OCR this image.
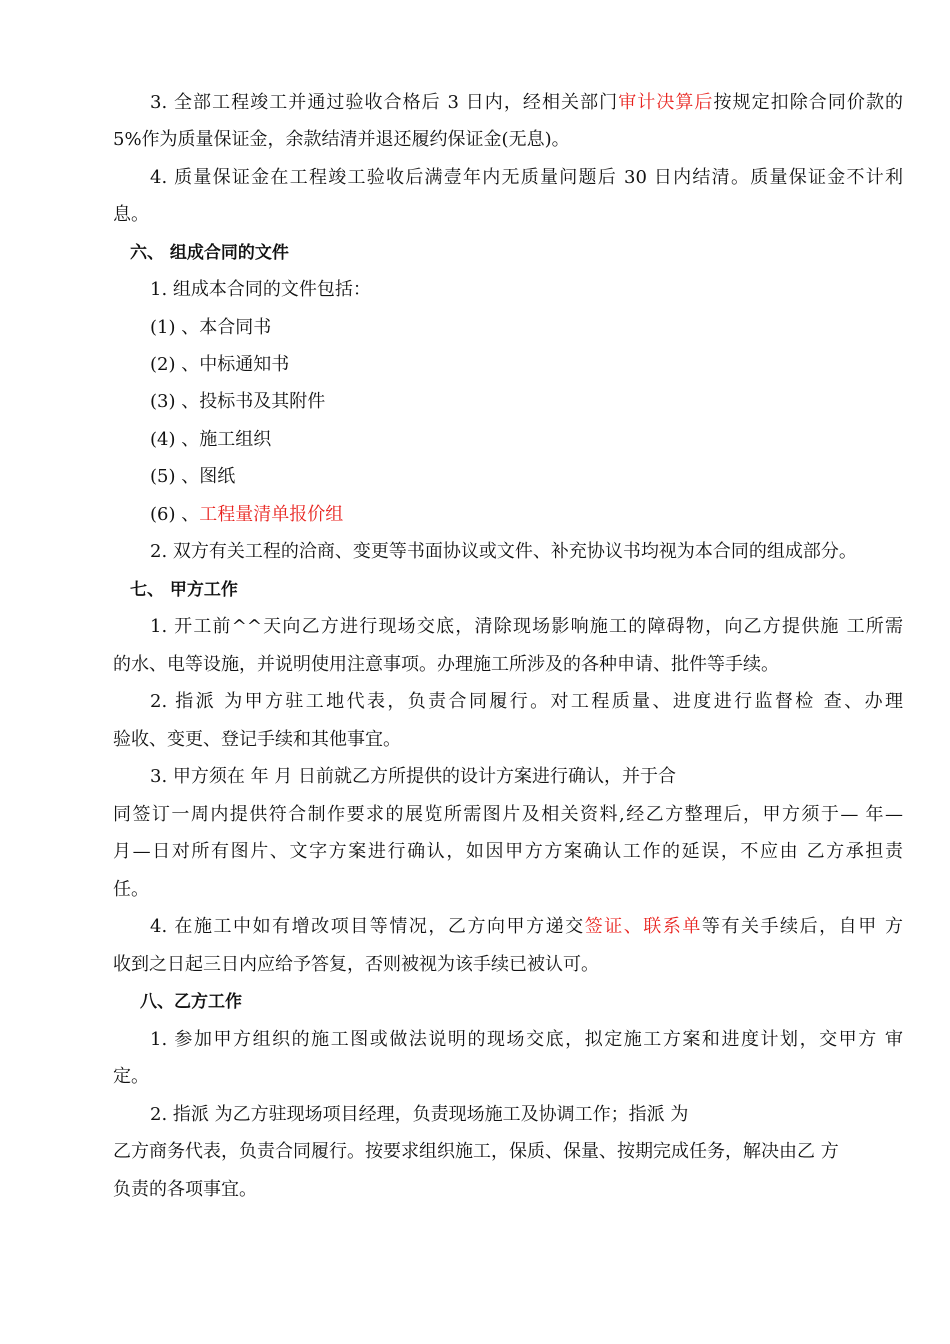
3. 全部工程竣工并通过验收合格后 3 日内，经相关部门审计决算后按规定扣除合同价款的
5%作为质量保证金，余款结清并退还履约保证金(无息)。
4. 质量保证金在工程竣工验收后满壹年内无质量问题后 30 日内结清。质量保证金不计利
息。
六、 组成合同的文件
1. 组成本合同的文件包括：
(1) 、本合同书
(2) 、中标通知书
(3) 、投标书及其附件
(4) 、施工组织
(5) 、图纸
(6) 、工程量清单报价组
2. 双方有关工程的洽商、变更等书面协议或文件、补充协议书均视为本合同的组成部分。
七、 甲方工作
1. 开工前^^天向乙方进行现场交底，清除现场影响施工的障碍物，向乙方提供施 工所需
的水、电等设施，并说明使用注意事项。办理施工所涉及的各种申请、批件等手续。
2. 指派 为甲方驻工地代表，负责合同履行。对工程质量、进度进行监督检 查、办理
验收、变更、登记手续和其他事宜。
3. 甲方须在 年 月 日前就乙方所提供的设计方案进行确认，并于合
同签订一周内提供符合制作要求的展览所需图片及相关资料,经乙方整理后，甲方须于— 年—
月—日对所有图片、文字方案进行确认，如因甲方方案确认工作的延误，不应由 乙方承担责
任。
4. 在施工中如有增改项目等情况，乙方向甲方递交签证、联系单等有关手续后，自甲 方
收到之日起三日内应给予答复，否则被视为该手续已被认可。
八、乙方工作
1. 参加甲方组织的施工图或做法说明的现场交底，拟定施工方案和进度计划，交甲方 审
定。
2. 指派 为乙方驻现场项目经理，负责现场施工及协调工作；指派 为
乙方商务代表，负责合同履行。按要求组织施工，保质、保量、按期完成任务，解决由乙 方
负责的各项事宜。
